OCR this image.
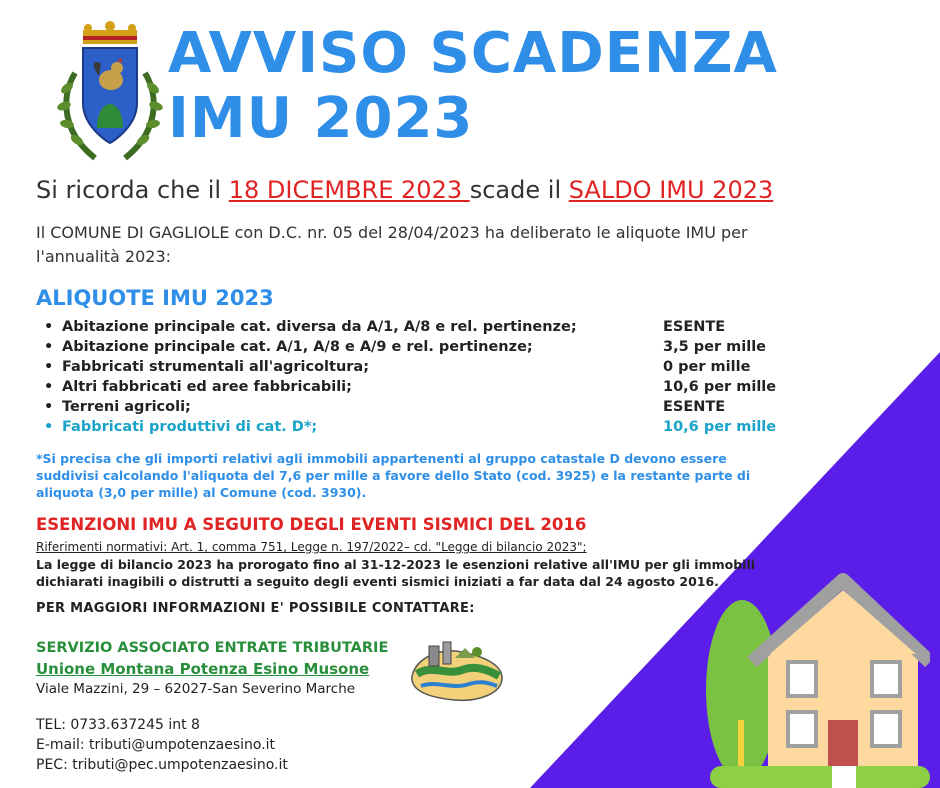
AVVISO SCADENZA
IMU 2023
Si ricorda che il 18 DICEMBRE 2023 scade il SALDO IMU 2023
Il COMUNE DI GAGLIOLE con D.C. nr. 05 del 28/04/2023 ha deliberato le aliquote IMU per l'annualità 2023:
ALIQUOTE IMU 2023
• Abitazione principale cat. diversa da A/1, A/8 e rel. pertinenze;	ESENTE
• Abitazione principale cat. A/1, A/8 e A/9 e rel. pertinenze;	3,5 per mille
• Fabbricati strumentali all'agricoltura;	0 per mille
• Altri fabbricati ed aree fabbricabili;	10,6 per mille
• Terreni agricoli;	ESENTE
• Fabbricati produttivi di cat. D*;	10,6 per mille
*Si precisa che gli importi relativi agli immobili appartenenti al gruppo catastale D devono essere suddivisi calcolando l'aliquota del 7,6 per mille a favore dello Stato (cod. 3925) e la restante parte di aliquota (3,0 per mille) al Comune (cod. 3930).
ESENZIONI IMU A SEGUITO DEGLI EVENTI SISMICI DEL 2016
Riferimenti normativi: Art. 1, comma 751, Legge n. 197/2022– cd. "Legge di bilancio 2023";
La legge di bilancio 2023 ha prorogato fino al 31-12-2023 le esenzioni relative all'IMU per gli immobili dichiarati inagibili o distrutti a seguito degli eventi sismici iniziati a far data dal 24 agosto 2016.
PER MAGGIORI INFORMAZIONI E' POSSIBILE CONTATTARE:
SERVIZIO ASSOCIATO ENTRATE TRIBUTARIE
Unione Montana Potenza Esino Musone
Viale Mazzini, 29 – 62027-San Severino Marche
TEL: 0733.637245 int 8
E-mail: tributi@umpotenzaesino.it
PEC: tributi@pec.umpotenzaesino.it
